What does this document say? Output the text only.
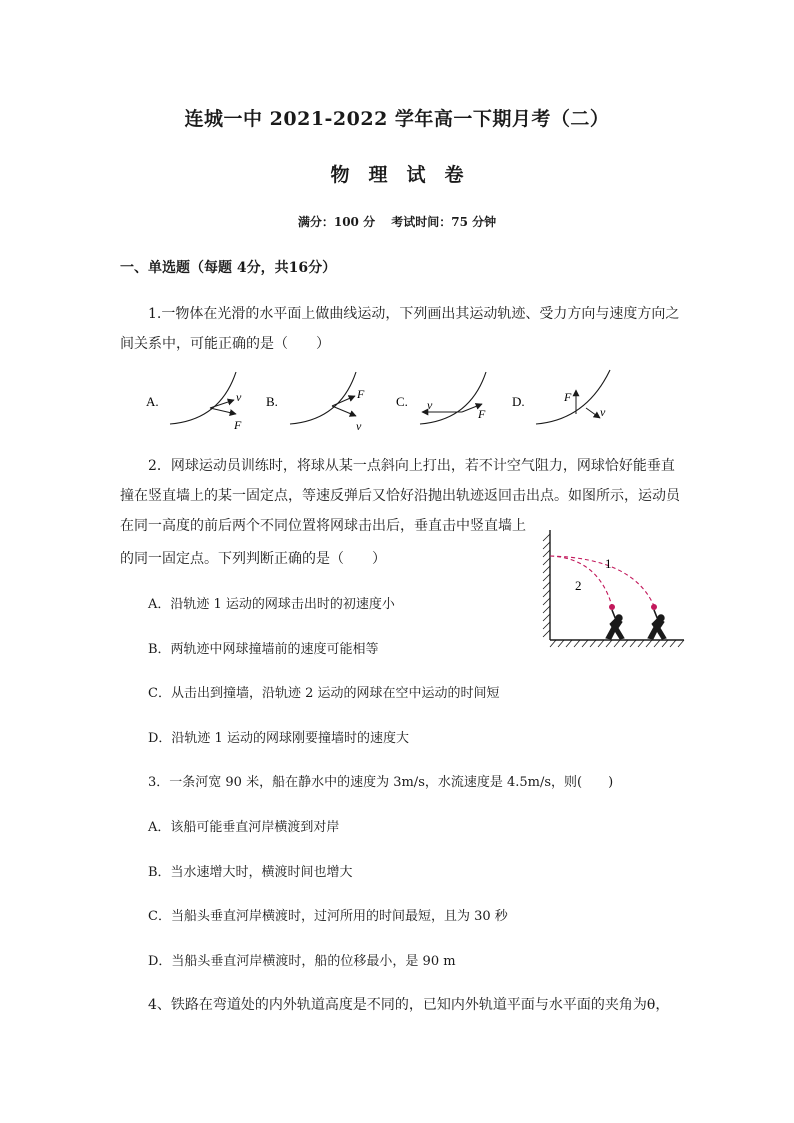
连城一中 2021-2022 学年高一下期月考（二）
物　理　试　卷
满分：100 分　 考试时间：75 分钟
一、单选题（每题 4分，共16分）
1.一物体在光滑的水平面上做曲线运动，下列画出其运动轨迹、受力方向与速度方向之
间关系中，可能正确的是（　　）
A.	v
F
B.	F
v
C. v
F
D.	F
v
2．网球运动员训练时，将球从某一点斜向上打出，若不计空气阻力，网球恰好能垂直
撞在竖直墙上的某一固定点，等速反弹后又恰好沿抛出轨迹返回击出点。如图所示，运动员
在同一高度的前后两个不同位置将网球击出后，垂直击中竖直墙上
的同一固定点。下列判断正确的是（　　）	1
2
A．沿轨迹 1 运动的网球击出时的初速度小
B．两轨迹中网球撞墙前的速度可能相等
C．从击出到撞墙，沿轨迹 2 运动的网球在空中运动的时间短
D．沿轨迹 1 运动的网球刚要撞墙时的速度大
3．一条河宽 90 米，船在静水中的速度为 3m/s，水流速度是 4.5m/s，则(　　)
A．该船可能垂直河岸横渡到对岸
B．当水速增大时，横渡时间也增大
C．当船头垂直河岸横渡时，过河所用的时间最短，且为 30 秒
D．当船头垂直河岸横渡时，船的位移最小，是 90 m
4、铁路在弯道处的内外轨道高度是不同的，已知内外轨道平面与水平面的夹角为θ，
